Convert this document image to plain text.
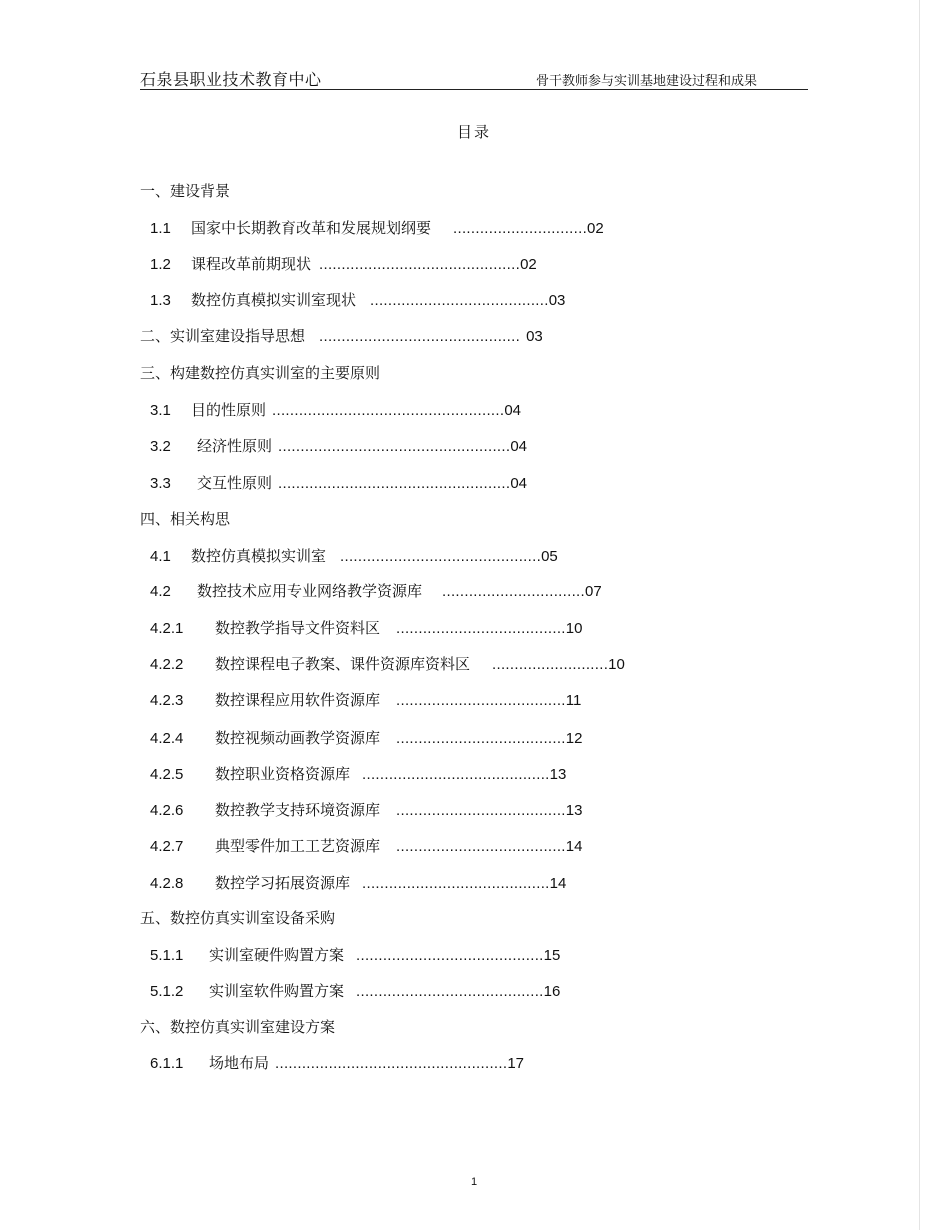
石泉县职业技术教育中心	骨干教师参与实训基地建设过程和成果
目录
一、建设背景
1.1 国家中长期教育改革和发展规划纲要 ..............................02
1.2 课程改革前期现状 .............................................02
1.3 数控仿真模拟实训室现状 ........................................03
二、实训室建设指导思想 ............................................. 03
三、构建数控仿真实训室的主要原则
3.1 目的性原则 ....................................................04
3.2 经济性原则 ....................................................04
3.3 交互性原则 ....................................................04
四、相关构思
4.1 数控仿真模拟实训室 .............................................05
4.2 数控技术应用专业网络教学资源库 ................................07
4.2.1 数控教学指导文件资料区 ......................................10
4.2.2 数控课程电子教案、课件资源库资料区 ..........................10
4.2.3 数控课程应用软件资源库 ......................................11
4.2.4 数控视频动画教学资源库 ......................................12
4.2.5 数控职业资格资源库 ..........................................13
4.2.6 数控教学支持环境资源库 ......................................13
4.2.7 典型零件加工工艺资源库 ......................................14
4.2.8 数控学习拓展资源库 ..........................................14
五、数控仿真实训室设备采购
5.1.1 实训室硬件购置方案 ..........................................15
5.1.2 实训室软件购置方案 ..........................................16
六、数控仿真实训室建设方案
6.1.1 场地布局 ....................................................17
1
